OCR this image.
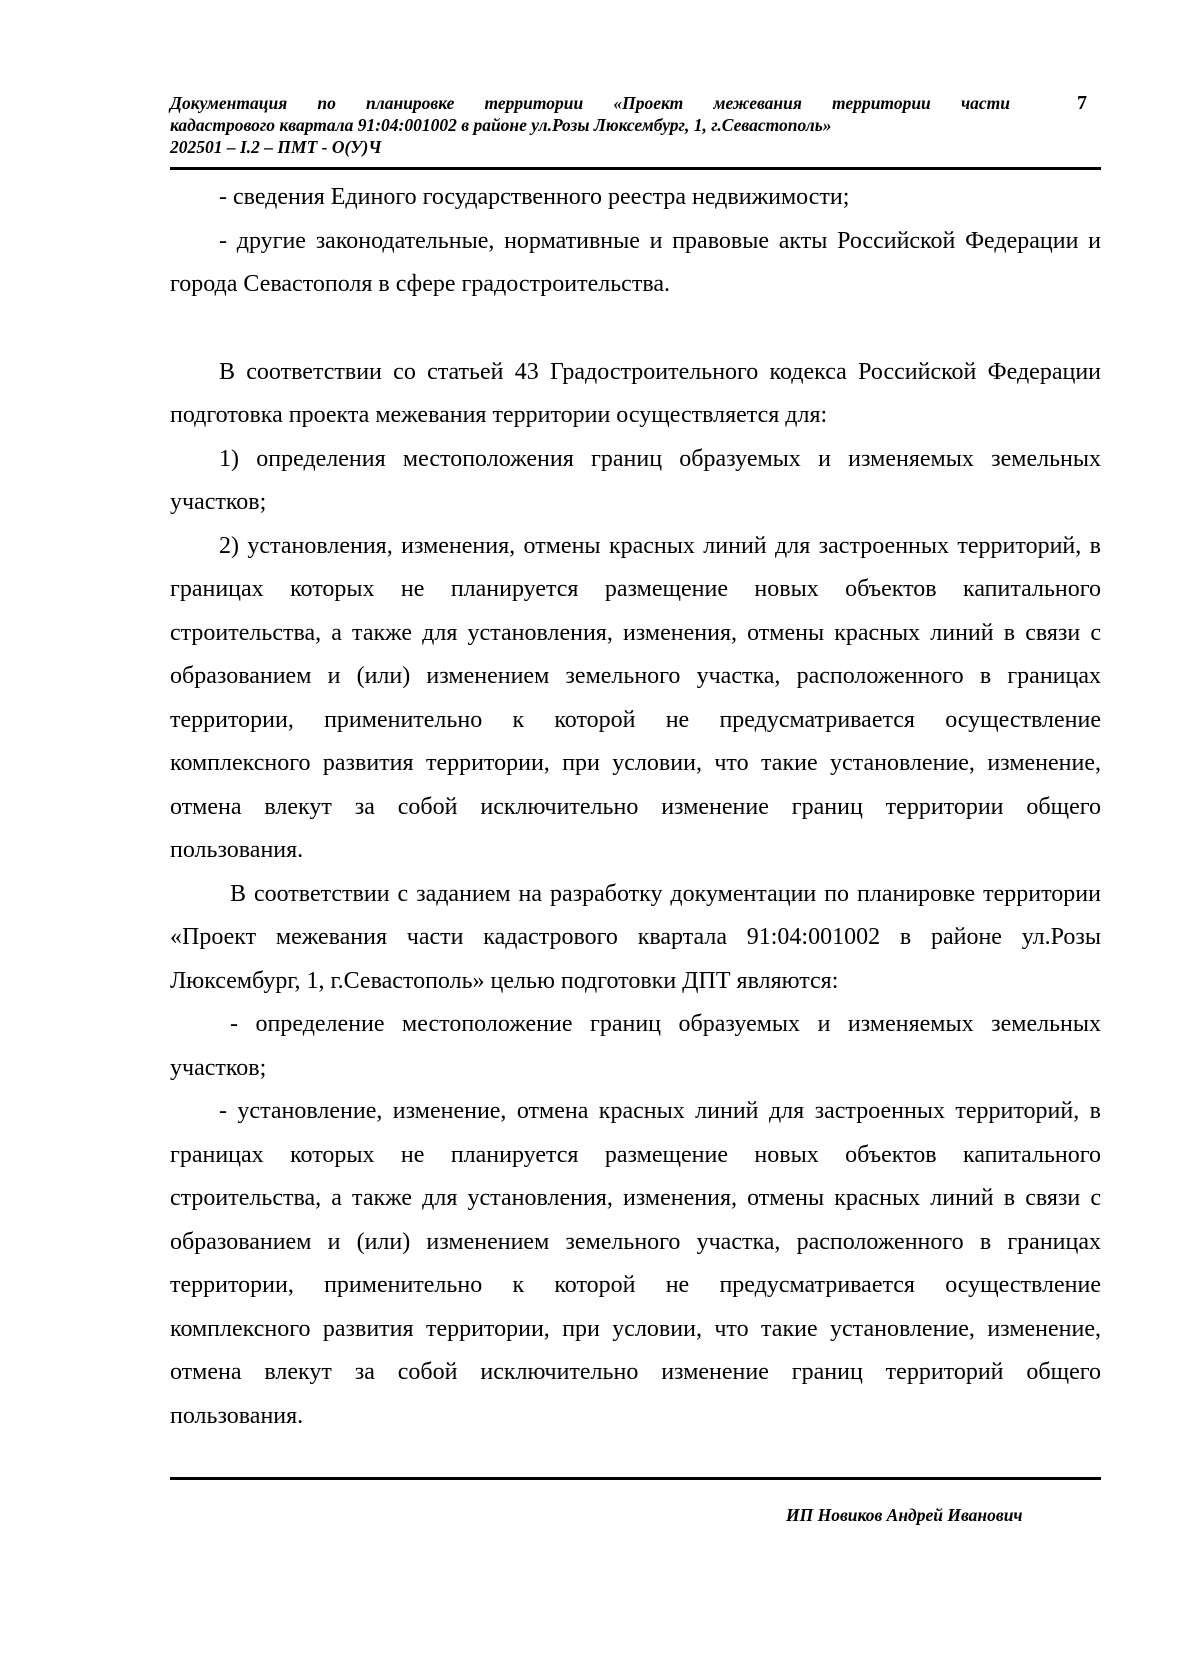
Документация по планировке территории «Проект межевания территории части
кадастрового квартала 91:04:001002 в районе ул.Розы Люксембург, 1, г.Севастополь»
202501 – I.2 – ПМТ - О(У)Ч
7

- сведения Единого государственного реестра недвижимости;

- другие законодательные, нормативные и правовые акты Российской Федерации и города Севастополя в сфере градостроительства.

В соответствии со статьей 43 Градостроительного кодекса Российской Федерации подготовка проекта межевания территории осуществляется для:

1) определения местоположения границ образуемых и изменяемых земельных участков;

2) установления, изменения, отмены красных линий для застроенных территорий, в границах которых не планируется размещение новых объектов капитального строительства, а также для установления, изменения, отмены красных линий в связи с образованием и (или) изменением земельного участка, расположенного в границах территории, применительно к которой не предусматривается осуществление комплексного развития территории, при условии, что такие установление, изменение, отмена влекут за собой исключительно изменение границ территории общего пользования.

В соответствии с заданием на разработку документации по планировке территории «Проект межевания части кадастрового квартала 91:04:001002 в районе ул.Розы Люксембург, 1, г.Севастополь» целью подготовки ДПТ являются:

- определение местоположение границ образуемых и изменяемых земельных участков;

- установление, изменение, отмена красных линий для застроенных территорий, в границах которых не планируется размещение новых объектов капитального строительства, а также для установления, изменения, отмены красных линий в связи с образованием и (или) изменением земельного участка, расположенного в границах территории, применительно к которой не предусматривается осуществление комплексного развития территории, при условии, что такие установление, изменение, отмена влекут за собой исключительно изменение границ территорий общего пользования.

ИП Новиков Андрей Иванович
